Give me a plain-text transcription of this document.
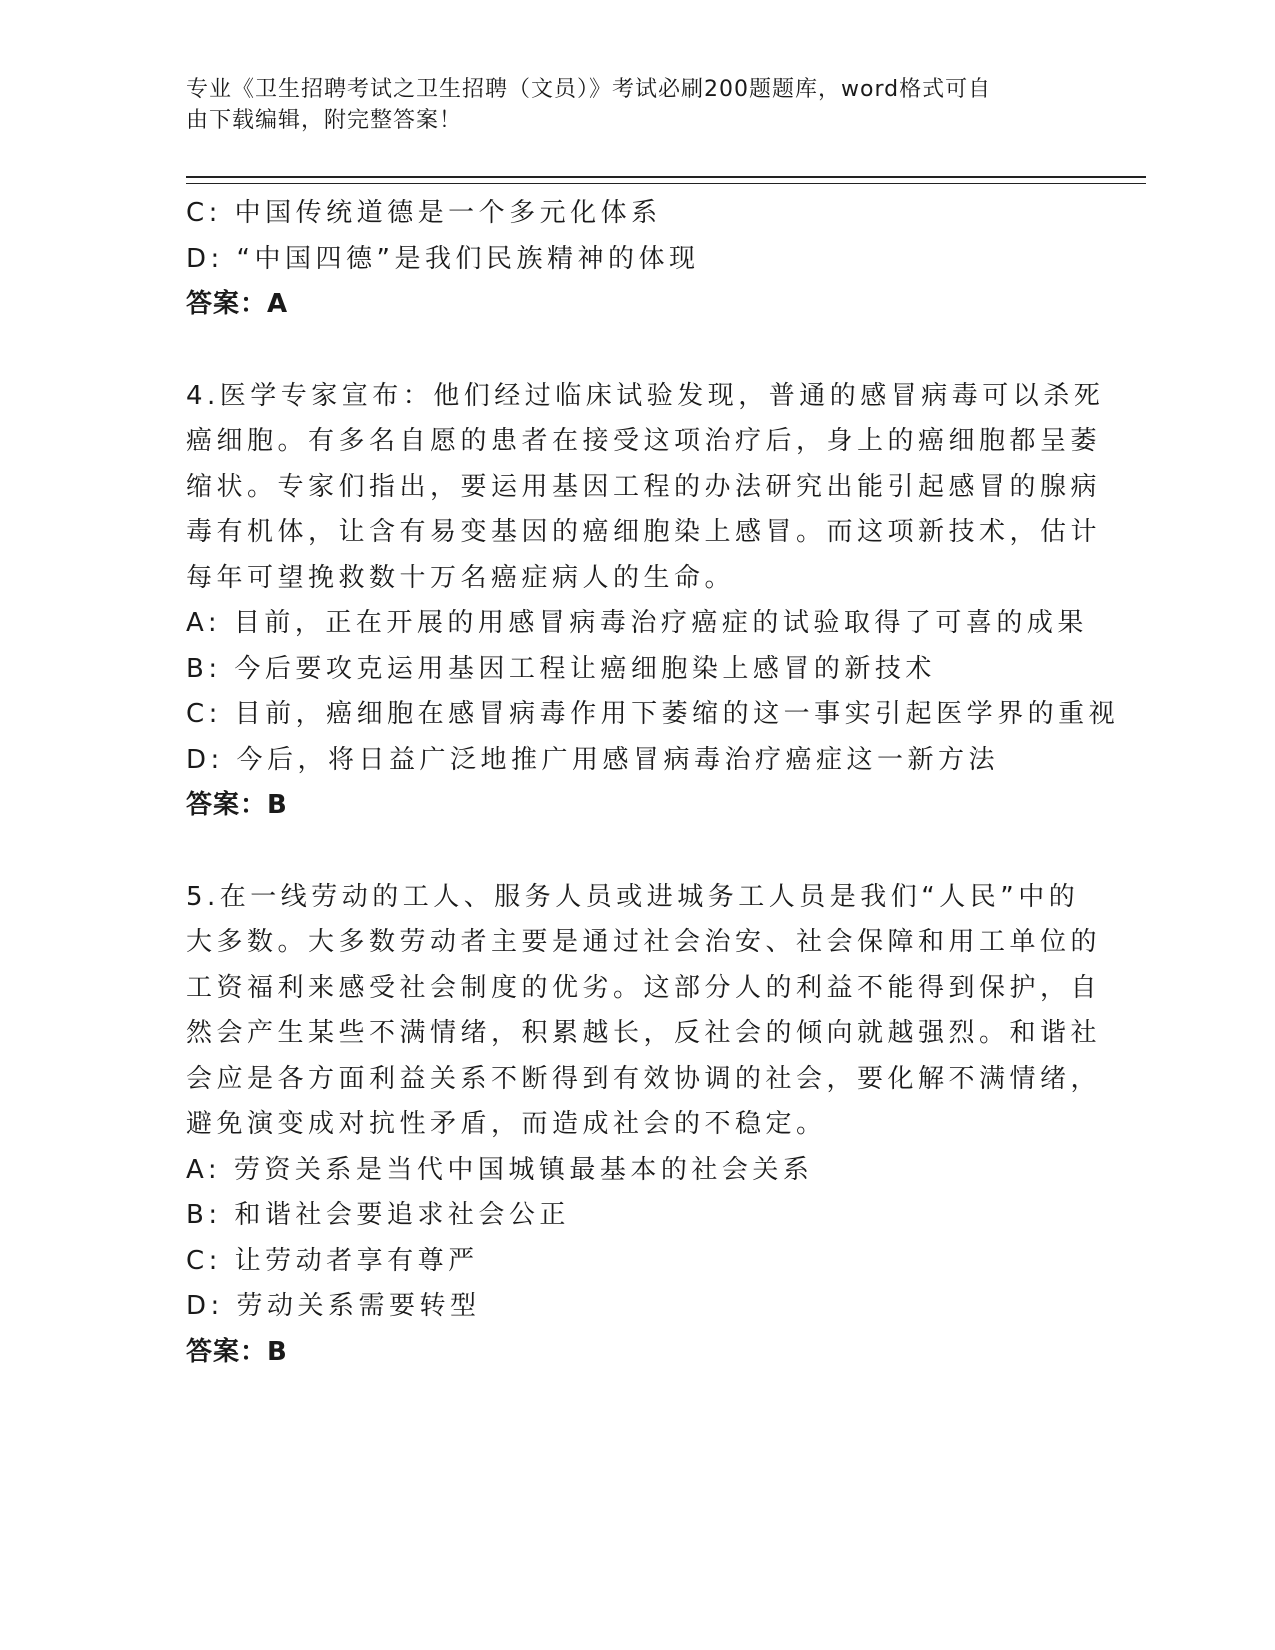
专业《卫生招聘考试之卫生招聘（文员）》考试必刷200题题库，word格式可自
由下载编辑，附完整答案！
C: 中国传统道德是一个多元化体系
D: “中国四德”是我们民族精神的体现
答案：A
4.医学专家宣布：他们经过临床试验发现，普通的感冒病毒可以杀死
癌细胞。有多名自愿的患者在接受这项治疗后，身上的癌细胞都呈萎
缩状。专家们指出，要运用基因工程的办法研究出能引起感冒的腺病
毒有机体，让含有易变基因的癌细胞染上感冒。而这项新技术，估计
每年可望挽救数十万名癌症病人的生命。
A: 目前，正在开展的用感冒病毒治疗癌症的试验取得了可喜的成果
B: 今后要攻克运用基因工程让癌细胞染上感冒的新技术
C: 目前，癌细胞在感冒病毒作用下萎缩的这一事实引起医学界的重视
D: 今后，将日益广泛地推广用感冒病毒治疗癌症这一新方法
答案：B
5.在一线劳动的工人、服务人员或进城务工人员是我们“人民”中的
大多数。大多数劳动者主要是通过社会治安、社会保障和用工单位的
工资福利来感受社会制度的优劣。这部分人的利益不能得到保护，自
然会产生某些不满情绪，积累越长，反社会的倾向就越强烈。和谐社
会应是各方面利益关系不断得到有效协调的社会，要化解不满情绪，
避免演变成对抗性矛盾，而造成社会的不稳定。
A: 劳资关系是当代中国城镇最基本的社会关系
B: 和谐社会要追求社会公正
C: 让劳动者享有尊严
D: 劳动关系需要转型
答案：B
